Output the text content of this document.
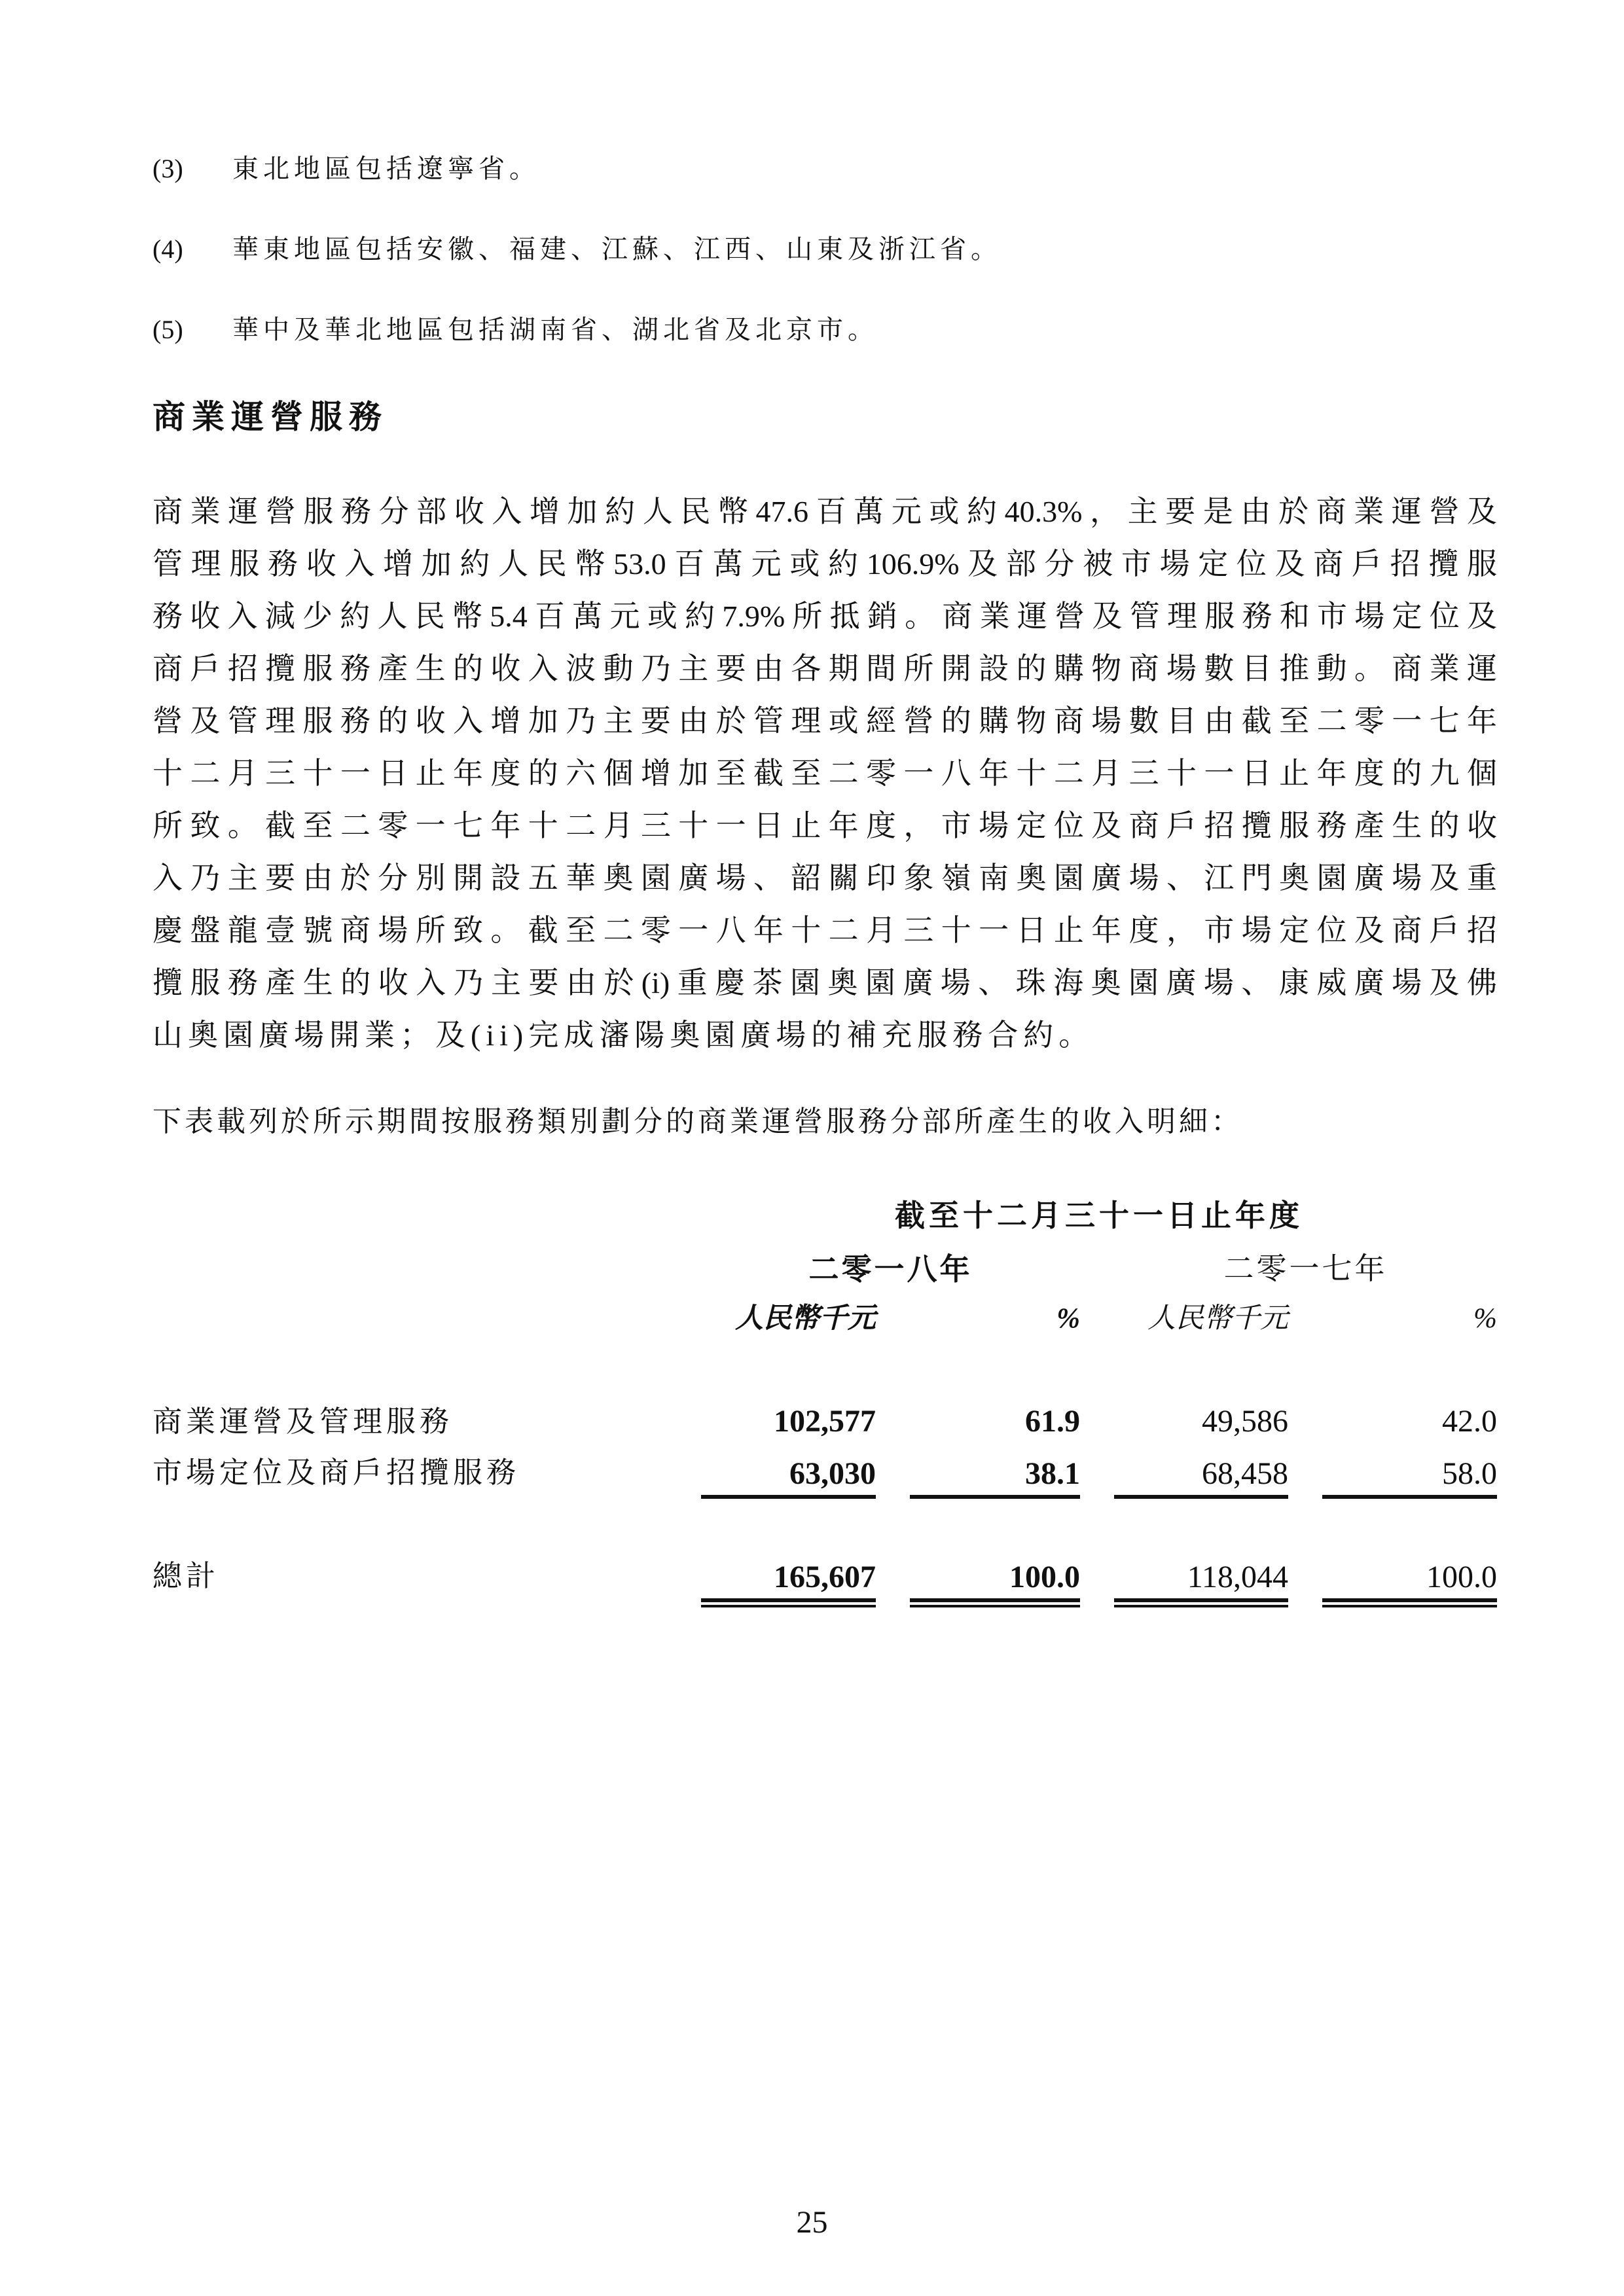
(3)	東北地區包括遼寧省。
(4)	華東地區包括安徽、福建、江蘇、江西、山東及浙江省。
(5)	華中及華北地區包括湖南省、湖北省及北京市。
商業運營服務
商業運營服務分部收入增加約人民幣47.6百萬元或約40.3%，主要是由於商業運營及
管理服務收入增加約人民幣53.0百萬元或約106.9%及部分被市場定位及商戶招攬服
務收入減少約人民幣5.4百萬元或約7.9%所抵銷。商業運營及管理服務和市場定位及
商戶招攬服務產生的收入波動乃主要由各期間所開設的購物商場數目推動。商業運
營及管理服務的收入增加乃主要由於管理或經營的購物商場數目由截至二零一七年
十二月三十一日止年度的六個增加至截至二零一八年十二月三十一日止年度的九個
所致。截至二零一七年十二月三十一日止年度，市場定位及商戶招攬服務產生的收
入乃主要由於分別開設五華奧園廣場、韶關印象嶺南奧園廣場、江門奧園廣場及重
慶盤龍壹號商場所致。截至二零一八年十二月三十一日止年度，市場定位及商戶招
攬服務產生的收入乃主要由於(i)重慶茶園奧園廣場、珠海奧園廣場、康威廣場及佛
山奧園廣場開業；及(ii)完成瀋陽奧園廣場的補充服務合約。
下表載列於所示期間按服務類別劃分的商業運營服務分部所產生的收入明細：
截至十二月三十一日止年度
二零一八年	二零一七年
人民幣千元	%	人民幣千元	%
商業運營及管理服務	102,577	61.9	49,586	42.0
市場定位及商戶招攬服務	63,030	38.1	68,458	58.0
總計	165,607	100.0	118,044	100.0
25
